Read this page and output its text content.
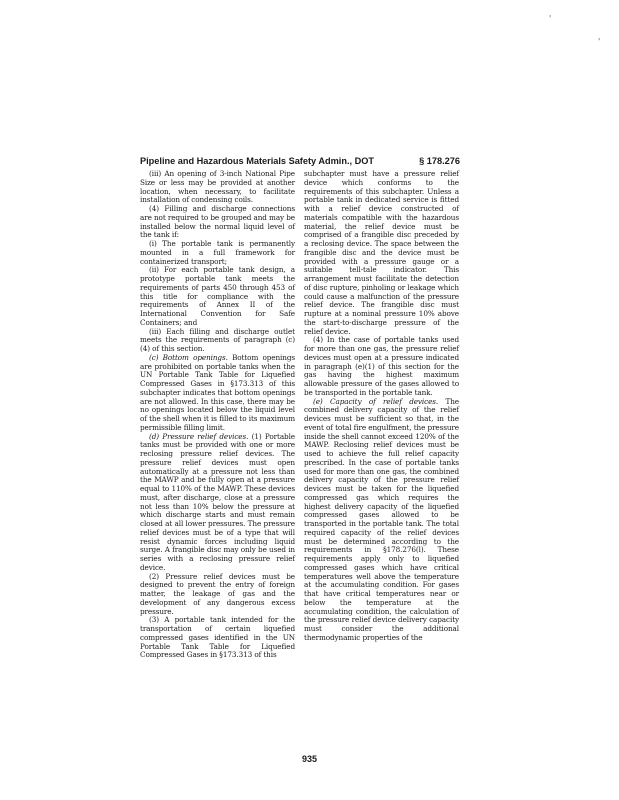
'
'
Pipeline and Hazardous Materials Safety Admin., DOT	§ 178.276

(iii) An opening of 3-inch National Pipe Size or less may be provided at another location, when necessary, to facilitate installation of condensing coils.

(4) Filling and discharge connections are not required to be grouped and may be installed below the normal liquid level of the tank if:

(i) The portable tank is permanently mounted in a full framework for containerized transport;

(ii) For each portable tank design, a prototype portable tank meets the requirements of parts 450 through 453 of this title for compliance with the requirements of Annex II of the International Convention for Safe Containers; and

(iii) Each filling and discharge outlet meets the requirements of paragraph (c)(4) of this section.

(c) Bottom openings. Bottom openings are prohibited on portable tanks when the UN Portable Tank Table for Liquefied Compressed Gases in §173.313 of this subchapter indicates that bottom openings are not allowed. In this case, there may be no openings located below the liquid level of the shell when it is filled to its maximum permissible filling limit.

(d) Pressure relief devices. (1) Portable tanks must be provided with one or more reclosing pressure relief devices. The pressure relief devices must open automatically at a pressure not less than the MAWP and be fully open at a pressure equal to 110% of the MAWP. These devices must, after discharge, close at a pressure not less than 10% below the pressure at which discharge starts and must remain closed at all lower pressures. The pressure relief devices must be of a type that will resist dynamic forces including liquid surge. A frangible disc may only be used in series with a reclosing pressure relief device.

(2) Pressure relief devices must be designed to prevent the entry of foreign matter, the leakage of gas and the development of any dangerous excess pressure.

(3) A portable tank intended for the transportation of certain liquefied compressed gases identified in the UN Portable Tank Table for Liquefied Compressed Gases in §173.313 of this

subchapter must have a pressure relief device which conforms to the requirements of this subchapter. Unless a portable tank in dedicated service is fitted with a relief device constructed of materials compatible with the hazardous material, the relief device must be comprised of a frangible disc preceded by a reclosing device. The space between the frangible disc and the device must be provided with a pressure gauge or a suitable tell-tale indicator. This arrangement must facilitate the detection of disc rupture, pinholing or leakage which could cause a malfunction of the pressure relief device. The frangible disc must rupture at a nominal pressure 10% above the start-to-discharge pressure of the relief device.

(4) In the case of portable tanks used for more than one gas, the pressure relief devices must open at a pressure indicated in paragraph (e)(1) of this section for the gas having the highest maximum allowable pressure of the gases allowed to be transported in the portable tank.

(e) Capacity of relief devices. The combined delivery capacity of the relief devices must be sufficient so that, in the event of total fire engulfment, the pressure inside the shell cannot exceed 120% of the MAWP. Reclosing relief devices must be used to achieve the full relief capacity prescribed. In the case of portable tanks used for more than one gas, the combined delivery capacity of the pressure relief devices must be taken for the liquefied compressed gas which requires the highest delivery capacity of the liquefied compressed gases allowed to be transported in the portable tank. The total required capacity of the relief devices must be determined according to the requirements in §178.276(l). These requirements apply only to liquefied compressed gases which have critical temperatures well above the temperature at the accumulating condition. For gases that have critical temperatures near or below the temperature at the accumulating condition, the calculation of the pressure relief device delivery capacity must consider the additional thermodynamic properties of the

935
